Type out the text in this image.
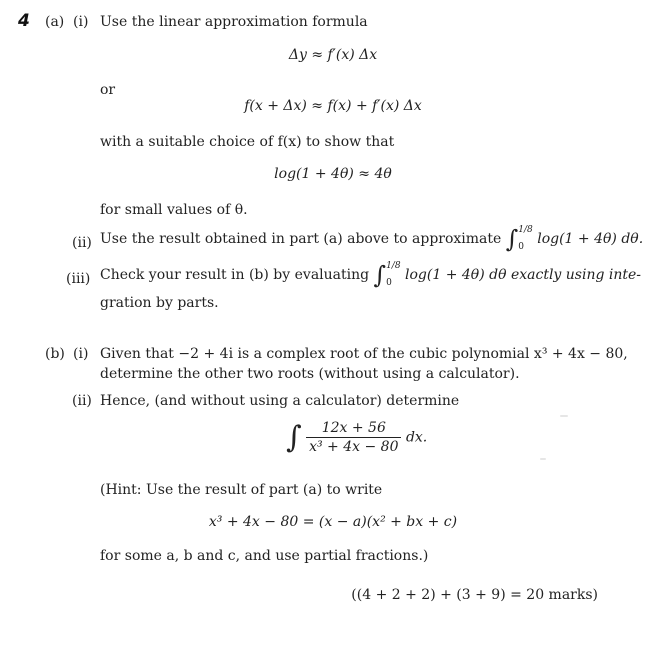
4 (a) (i) Use the linear approximation formula
Δy ≈ f′(x) Δx
or
f(x + Δx) ≈ f(x) + f′(x) Δx
with a suitable choice of f(x) to show that
log(1 + 4θ) ≈ 4θ
for small values of θ.
(ii) Use the result obtained in part (a) above to approximate ∫ 1/8
0 log(1 + 4θ) dθ.
(iii) Check your result in (b) by evaluating ∫ 1/8
0 log(1 + 4θ) dθ exactly using inte-
gration by parts.
(b) (i) Given that −2 + 4i is a complex root of the cubic polynomial x³ + 4x − 80,
determine the other two roots (without using a calculator).
(ii) Hence, (and without using a calculator) determine
∫ $\frac{12x + 56}{\text{x³ + 4x − 80}}$ dx.
(Hint: Use the result of part (a) to write
x³ + 4x − 80 = (x − a)(x² + bx + c)
for some a, b and c, and use partial fractions.)
((4 + 2 + 2) + (3 + 9) = 20 marks)
